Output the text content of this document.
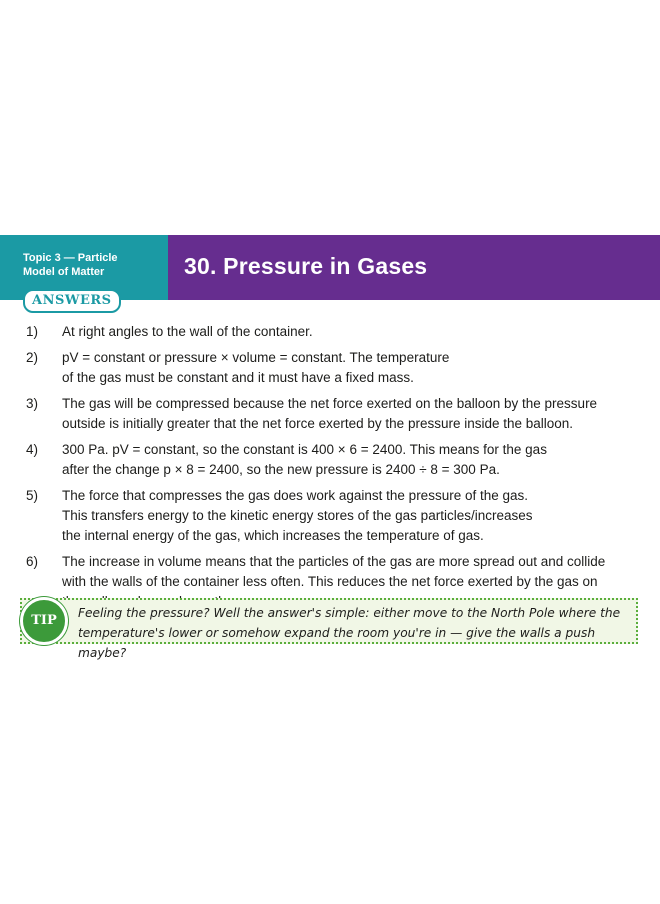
Topic 3 — Particle
Model of Matter	30. Pressure in Gases
ANSWERS
1) At right angles to the wall of the container.
2) pV = constant or pressure × volume = constant. The temperature
of the gas must be constant and it must have a fixed mass.
3) The gas will be compressed because the net force exerted on the balloon by the pressure
outside is initially greater that the net force exerted by the pressure inside the balloon.
4) 300 Pa. pV = constant, so the constant is 400 × 6 = 2400. This means for the gas
after the change p × 8 = 2400, so the new pressure is 2400 ÷ 8 = 300 Pa.
5) The force that compresses the gas does work against the pressure of the gas.
This transfers energy to the kinetic energy stores of the gas particles/increases
the internal energy of the gas, which increases the temperature of gas.
6) The increase in volume means that the particles of the gas are more spread out and collide
with the walls of the container less often. This reduces the net force exerted by the gas on

TIP	Feeling the pressure? Well the answer's simple: either move to the North Pole where the
temperature's lower or somehow expand the room you're in — give the walls a push maybe?
